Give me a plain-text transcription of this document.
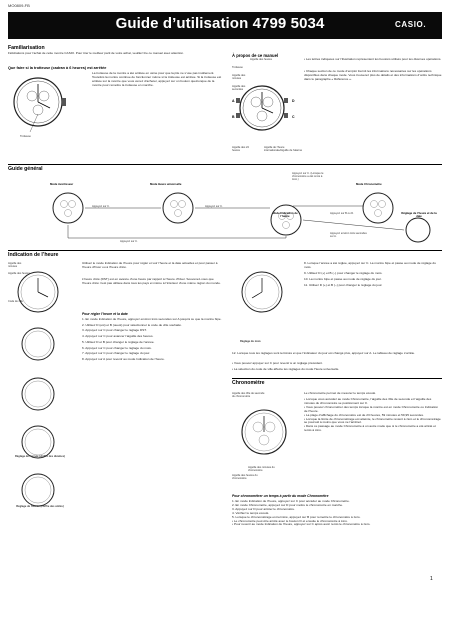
MO0809-FB
Guide d’utilisation 4799 5034	CASIO.
Familiarisation
Félicitations pour l’achat de cette montre CASIO. Pour tirer le meilleur parti de votre achat, veuillez lire ce manuel avec attention.
Que faire si la trotteuse (cadran à 6 heures) est arrêtée
Trotteuse
La trotteuse de la montre a été arrêtée en usine pour que la pile ne s’use pas inutilement. Toutefois la montre continue de fonctionner même si la trotteuse est arrêtée. Si la trotteuse est arrêtée sur la montre que vous venez d’acheter, appuyez sur un bouton quelconque de la montre pour remettre la trotteuse en marche.
À propos de ce manuel
D
C
A
B
Aiguille des heures
Trotteuse
Aiguille des minutes
Aiguille des secondes
Aiguille des 24 heures
Aiguille de l’heure internationale/Aiguille de l’alarme
• Les lettres indiquées sur l’illustration représentent les boutons utilisés pour les diverses opérations.
• Chaque section de ce mode d’emploi fournit les informations nécessaires sur les opérations disponibles dans chaque mode. Vous trouverez plus de détails et des informations d’ordre technique dans le paragraphe « Référence ».
Guide général
Mode Avertisseur	Mode Heure universelle	Mode Chronomètre
Mode Indication de l’heure
Réglage de l’heure et de la date
Appuyez sur C. (Lorsque le chronomètre a été remis à zéro.)
Appuyez sur C.	Appuyez sur C.
Appuyez sur C.
Appuyez sur B ou D.
Appuyez environ trois secondes sur A.
Indication de l’heure
Aiguille des minutes
Aiguille des heures
Code de ville
Réglage de l’année (chiffre des dizaines)
Réglage de l’année (chiffre des unités)
Utilisez le mode Indication de l’heure pour régler et voir l’heure et la date actuelles et pour passer à l’heure d’hiver ou à l’heure d’été.
L’heure d’été (DST) est en avance d’une heure par rapport à l’heure d’hiver. Souvenez-vous que l’heure d’été n’est pas utilisée dans tous les pays et même à l’intérieur d’une même région du monde.
Pour régler l’heure et la date
1. En mode Indication de l’heure, appuyez environ trois secondes sur A jusqu’à ce que la montre bipe.
2. Utilisez D (est) et B (ouest) pour sélectionner le code de ville souhaité.
3. Appuyez sur C pour changer le réglage DST.
4. Appuyez sur C pour avancer l’aiguille des heures.
5. Utilisez D et B pour changer le réglage de l’année.
6. Appuyez sur C pour changer le réglage du mois.
7. Appuyez sur C pour changer le réglage du jour.
8. Appuyez sur A pour revenir au mode Indication de l’heure.
Réglage du mois
8. Lorsque l’année a été réglée, appuyez sur C. La montre bipe et passe au mode de réglage du mois.
9. Utilisez D (+) et B (–) pour changer le réglage du mois.
10. La montre bipe et passe au mode de réglage du jour.
11. Utilisez D (+) et B (–) pour changer le réglage du jour.
12. Lorsque tous les réglages sont terminés et que l’indicateur du jour est changé plus, appuyez sur A. Le tableau de réglage s’arrête.
• Vous pouvez appuyer sur C pour revenir à un réglage précédent.
• La sélection du code de ville affecte les réglages du mode Heure universelle.
Chronomètre
Aiguille des 30e de seconde du chronomètre
Aiguille des minutes du chronomètre
Aiguille des heures du chronomètre
Le chronomètre permet de mesurer le temps écoulé.
• Lorsque vous accédez au mode Chronomètre, l’aiguille des 30e de seconde et l’aiguille des minutes du chronomètre se positionnent sur 0.
• Vous pouvez chronométrer des temps lorsque la montre est en mode Chronomètre ou Indication de l’heure.
• La plage d’affichage du chronomètre est de 23 heures, 59 minutes et 59,95 secondes.
• Lorsque la limite de chronométrage est atteinte, le chronomètre revient à zéro et le chronométrage se poursuit à moins que vous ne l’arrêtiez.
• Dans ce passage au mode Chronomètre à un autre mode que si le chronomètre a été arrêté et remis à zéro.
Pour chronométrer un temps à partir du mode Chronomètre
1. En mode Indication de l’heure, appuyez sur C pour accéder au mode Chronomètre.
2. En mode Chronomètre, appuyez sur D pour mettre le chronomètre en marche.
3. Appuyez sur D pour arrêter le chronomètre.
4. Vérifiez le temps écoulé.
5. Lorsque le chronométrage est terminé, appuyez sur B pour remettre le chronomètre à zéro.
• Le chronomètre peut être arrêté avec le bouton D et ensuite le chronomètre à zéro.
• Pour revenir au mode Indication de l’heure, appuyez sur C après avoir remis le chronomètre à zéro.
1
